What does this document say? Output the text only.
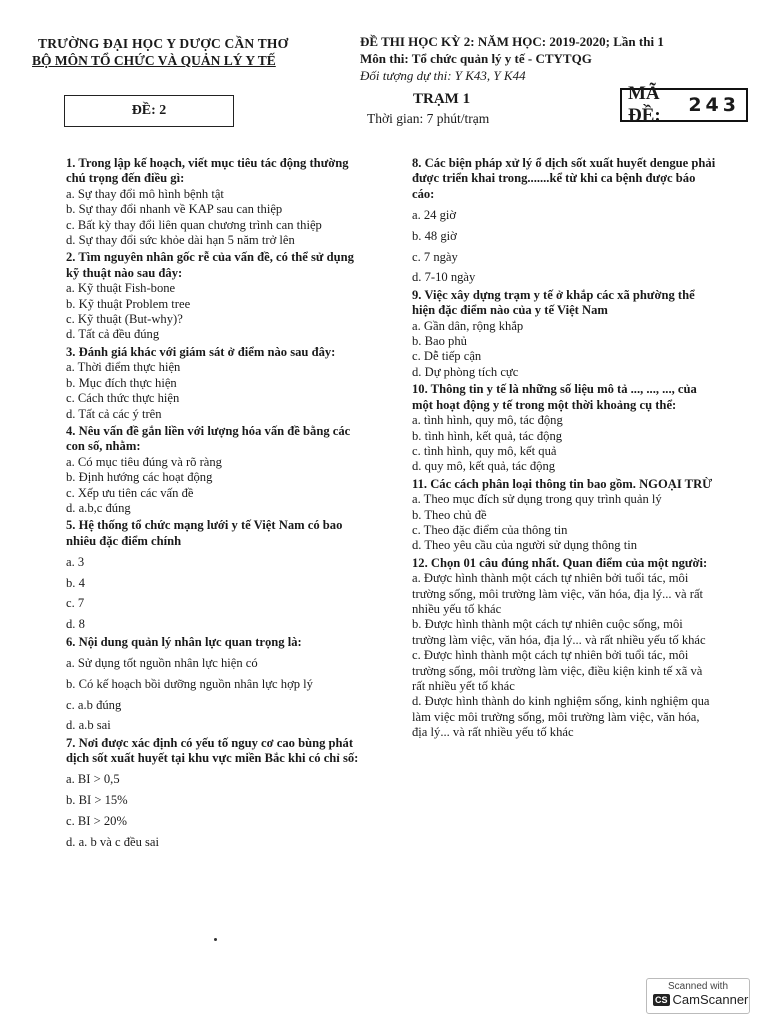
TRƯỜNG ĐẠI HỌC Y DƯỢC CẦN THƠ
BỘ MÔN TỔ CHỨC VÀ QUẢN LÝ Y TẾ
ĐỀ THI HỌC KỲ 2: NĂM HỌC: 2019-2020; Lần thi 1
Môn thi: Tổ chức quản lý y tế - CTYTQG
Đối tượng dự thi: Y K43, Y K44
ĐỀ: 2
TRẠM 1
Thời gian: 7 phút/trạm
MÃ ĐỀ:	243
1. Trong lập kế hoạch, viết mục tiêu tác động thường chú trọng đến điều gì:
a. Sự thay đổi mô hình bệnh tật
b. Sự thay đổi nhanh về KAP sau can thiệp
c. Bất kỳ thay đổi liên quan chương trình can thiệp
d. Sự thay đổi sức khỏe dài hạn 5 năm trở lên
2. Tìm nguyên nhân gốc rễ của vấn đề, có thể sử dụng kỹ thuật nào sau đây:
a. Kỹ thuật Fish-bone
b. Kỹ thuật Problem tree
c. Kỹ thuật (But-why)?
d. Tất cả đều đúng
3. Đánh giá khác với giám sát ở điểm nào sau đây:
a. Thời điểm thực hiện
b. Mục đích thực hiện
c. Cách thức thực hiện
d. Tất cả các ý trên
4. Nêu vấn đề gắn liền với lượng hóa vấn đề bằng các con số, nhằm:
a. Có mục tiêu đúng và rõ ràng
b. Định hướng các hoạt động
c. Xếp ưu tiên các vấn đề
d. a.b,c đúng
5. Hệ thống tổ chức mạng lưới y tế Việt Nam có bao nhiêu đặc điểm chính
a. 3
b. 4
c. 7
d. 8
6. Nội dung quản lý nhân lực quan trọng là:
a. Sử dụng tốt nguồn nhân lực hiện có
b. Có kế hoạch bồi dưỡng nguồn nhân lực hợp lý
c. a.b đúng
d. a.b sai
7. Nơi được xác định có yếu tố nguy cơ cao bùng phát dịch sốt xuất huyết tại khu vực miền Bắc khi có chỉ số:
a. BI > 0,5
b. BI > 15%
c. BI > 20%
d. a. b và c đều sai
8. Các biện pháp xử lý ổ dịch sốt xuất huyết dengue phải được triển khai trong.......kể từ khi ca bệnh được báo cáo:
a. 24 giờ
b. 48 giờ
c. 7 ngày
d. 7-10 ngày
9. Việc xây dựng trạm y tế ở khắp các xã phường thể hiện đặc điểm nào của y tế Việt Nam
a. Gần dân, rộng khắp
b. Bao phủ
c. Dễ tiếp cận
d. Dự phòng tích cực
10. Thông tin y tế là những số liệu mô tả ..., ..., ..., của một hoạt động y tế trong một thời khoảng cụ thể:
a. tình hình, quy mô, tác động
b. tình hình, kết quả, tác động
c. tình hình, quy mô, kết quả
d. quy mô, kết quả, tác động
11. Các cách phân loại thông tin bao gồm. NGOẠI TRỪ
a. Theo mục đích sử dụng trong quy trình quản lý
b. Theo chủ đề
c. Theo đặc điểm của thông tin
d. Theo yêu cầu của người sử dụng thông tin
12. Chọn 01 câu đúng nhất. Quan điểm của một người:
a. Được hình thành một cách tự nhiên bởi tuổi tác, môi trường sống, môi trường làm việc, văn hóa, địa lý... và rất nhiều yếu tố khác
b. Được hình thành một cách tự nhiên cuộc sống, môi trường làm việc, văn hóa, địa lý... và rất nhiều yếu tố khác
c. Được hình thành một cách tự nhiên bởi tuổi tác, môi trường sống, môi trường làm việc, điều kiện kinh tế xã và rất nhiều yết tố khác
d. Được hình thành do kinh nghiệm sống, kinh nghiệm qua làm việc môi trường sống, môi trường làm việc, văn hóa, địa lý... và rất nhiều yếu tố khác
Scanned with
CS CamScanner
